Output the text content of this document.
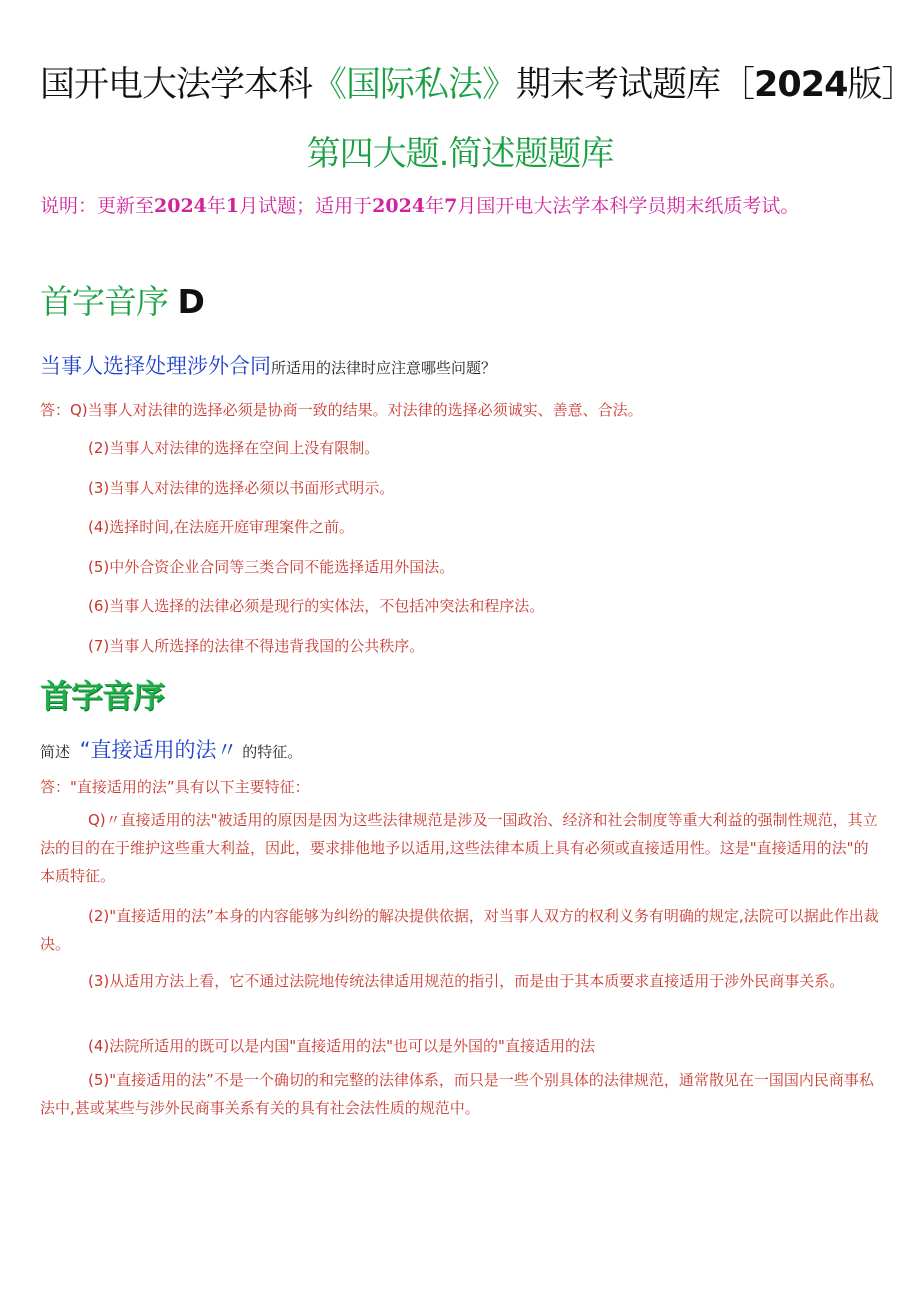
国开电大法学本科《国际私法》期末考试题库［2024版］
第四大题.简述题题库
说明：更新至2024年1月试题；适用于2024年7月国开电大法学本科学员期末纸质考试。
首字音序 D
当事人选择处理涉外合同所适用的法律时应注意哪些问题？
答：Q)当事人对法律的选择必须是协商一致的结果。对法律的选择必须诚实、善意、合法。
(2)当事人对法律的选择在空间上没有限制。
(3)当事人对法律的选择必须以书面形式明示。
(4)选择时间,在法庭开庭审理案件之前。
(5)中外合资企业合同等三类合同不能选择适用外国法。
(6)当事人选择的法律必须是现行的实体法，不包括冲突法和程序法。
(7)当事人所选择的法律不得违背我国的公共秩序。
首字音序
简述 “直接适用的法〃 的特征。
答："直接适用的法”具有以下主要特征：
Q)〃直接适用的法"被适用的原因是因为这些法律规范是涉及一国政治、经济和社会制度等重大利益的强制性规范，其立法的目的在于维护这些重大利益，因此，要求排他地予以适用,这些法律本质上具有必须或直接适用性。这是"直接适用的法"的本质特征。
(2)"直接适用的法”本身的内容能够为纠纷的解决提供依据，对当事人双方的权利义务有明确的规定,法院可以据此作出裁决。
(3)从适用方法上看，它不通过法院地传统法律适用规范的指引，而是由于其本质要求直接适用于涉外民商事关系。
(4)法院所适用的既可以是内国"直接适用的法"也可以是外国的"直接适用的法
(5)"直接适用的法”不是一个确切的和完整的法律体系，而只是一些个别具体的法律规范，通常散见在一国国内民商事私法中,甚或某些与涉外民商事关系有关的具有社会法性质的规范中。
